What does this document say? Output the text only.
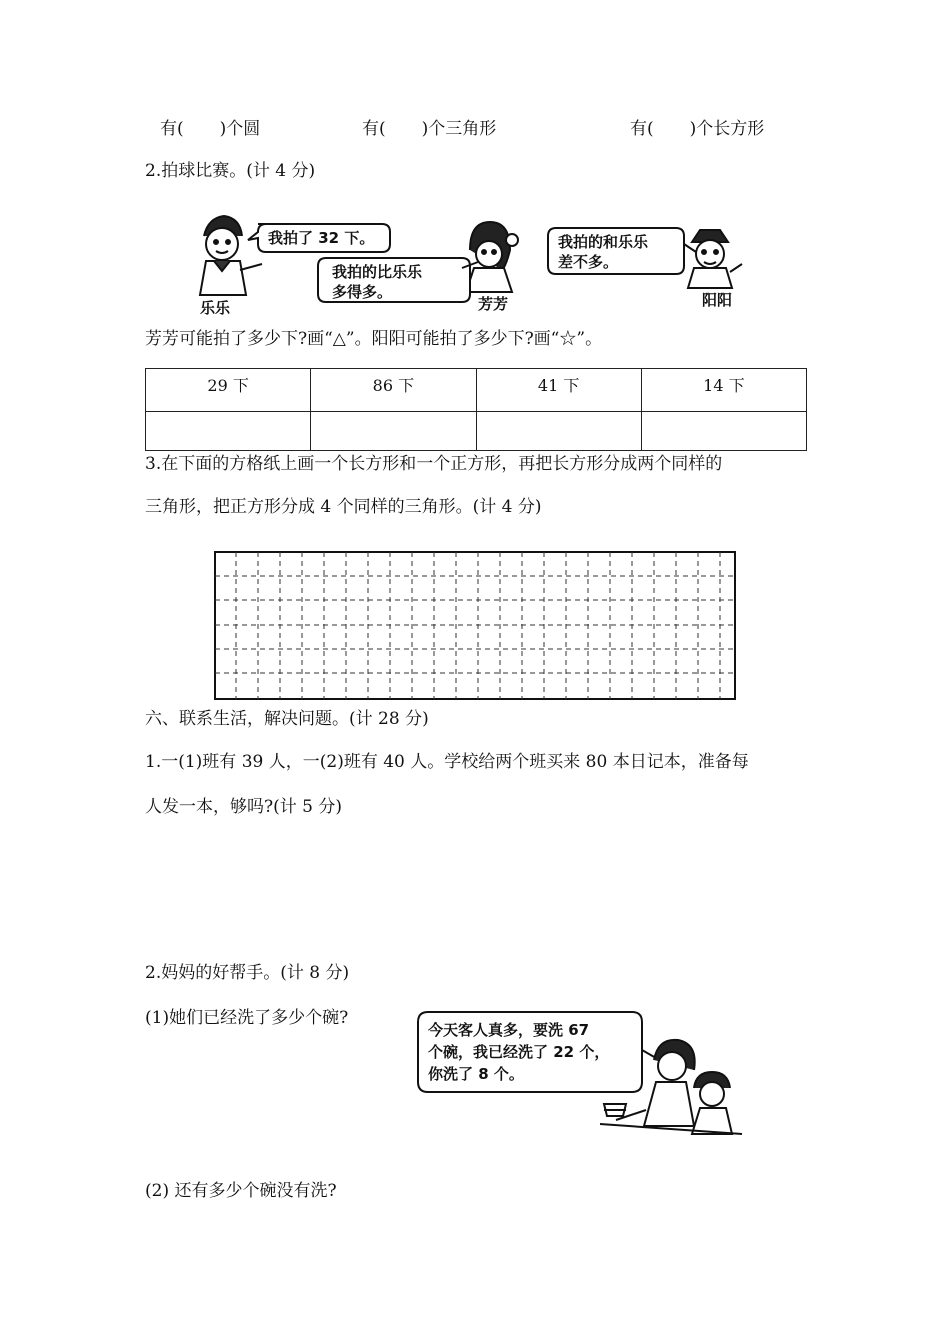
有( )个圆	有( )个三角形	有( )个长方形
2.拍球比赛。(计 4 分)
我拍了 32 下。
乐乐
我拍的比乐乐
多得多。
芳芳
我拍的和乐乐
差不多。
阳阳
芳芳可能拍了多少下?画“△”。阳阳可能拍了多少下?画“☆”。
29 下	86 下	41 下	14 下

3.在下面的方格纸上画一个长方形和一个正方形，再把长方形分成两个同样的
三角形，把正方形分成 4 个同样的三角形。(计 4 分)
六、联系生活，解决问题。(计 28 分)
1.一(1)班有 39 人，一(2)班有 40 人。学校给两个班买来 80 本日记本，准备每
人发一本，够吗?(计 5 分)
2.妈妈的好帮手。(计 8 分)
(1)她们已经洗了多少个碗?
今天客人真多，要洗 67
个碗，我已经洗了 22 个，
你洗了 8 个。
(2) 还有多少个碗没有洗?
